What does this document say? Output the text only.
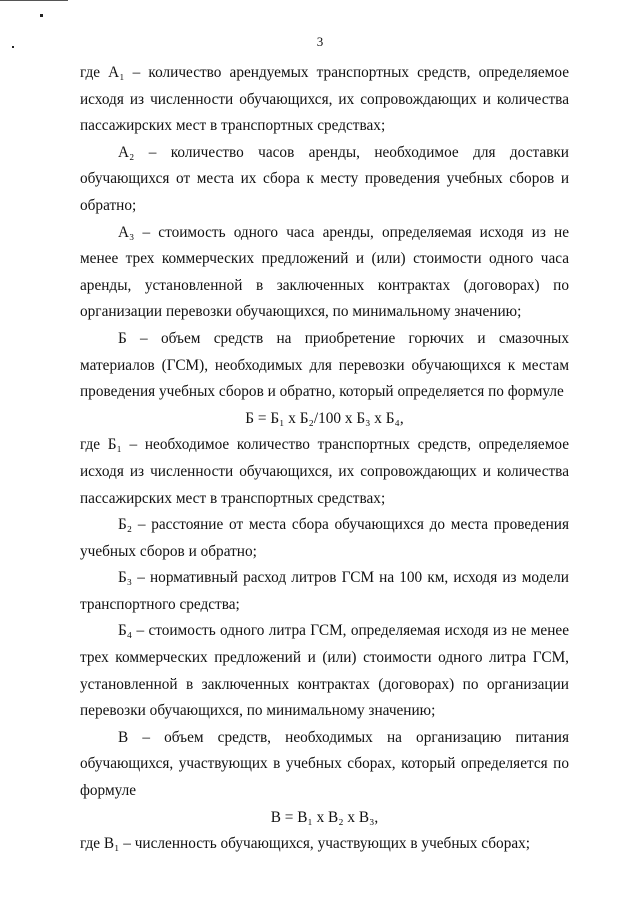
3

где A₁ – количество арендуемых транспортных средств, определяемое исходя из численности обучающихся, их сопровождающих и количества пассажирских мест в транспортных средствах;

A₂ – количество часов аренды, необходимое для доставки обучающихся от места их сбора к месту проведения учебных сборов и обратно;

A₃ – стоимость одного часа аренды, определяемая исходя из не менее трех коммерческих предложений и (или) стоимости одного часа аренды, установленной в заключенных контрактах (договорах) по организации перевозки обучающихся, по минимальному значению;

Б – объем средств на приобретение горючих и смазочных материалов (ГСМ), необходимых для перевозки обучающихся к местам проведения учебных сборов и обратно, который определяется по формуле

Б = Б₁ x Б₂/100 x Б₃ x Б₄,

где Б₁ – необходимое количество транспортных средств, определяемое исходя из численности обучающихся, их сопровождающих и количества пассажирских мест в транспортных средствах;

Б₂ – расстояние от места сбора обучающихся до места проведения учебных сборов и обратно;

Б₃ – нормативный расход литров ГСМ на 100 км, исходя из модели транспортного средства;

Б₄ – стоимость одного литра ГСМ, определяемая исходя из не менее трех коммерческих предложений и (или) стоимости одного литра ГСМ, установленной в заключенных контрактах (договорах) по организации перевозки обучающихся, по минимальному значению;

В – объем средств, необходимых на организацию питания обучающихся, участвующих в учебных сборах, который определяется по формуле

В = В₁ x В₂ x В₃,

где В₁ – численность обучающихся, участвующих в учебных сборах;
